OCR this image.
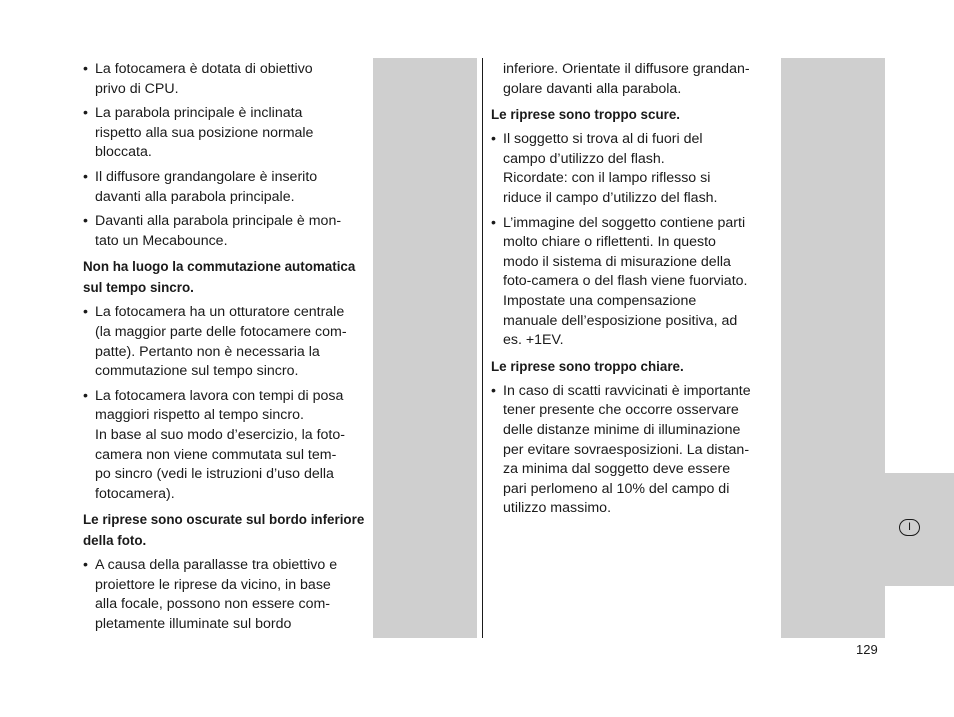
I
129
• La fotocamera è dotata di obiettivo
privo di CPU.
• La parabola principale è inclinata
rispetto alla sua posizione normale
bloccata.
• Il diffusore grandangolare è inserito
davanti alla parabola principale.
• Davanti alla parabola principale è mon-
tato un Mecabounce.
Non ha luogo la commutazione automatica
sul tempo sincro.
• La fotocamera ha un otturatore centrale
(la maggior parte delle fotocamere com-
patte). Pertanto non è necessaria la
commutazione sul tempo sincro.
• La fotocamera lavora con tempi di posa
maggiori rispetto al tempo sincro.
In base al suo modo d’esercizio, la foto-
camera non viene commutata sul tem-
po sincro (vedi le istruzioni d’uso della
fotocamera).
Le riprese sono oscurate sul bordo inferiore
della foto.
• A causa della parallasse tra obiettivo e
proiettore le riprese da vicino, in base
alla focale, possono non essere com-
pletamente illuminate sul bordo
inferiore. Orientate il diffusore grandan-
golare davanti alla parabola.
Le riprese sono troppo scure.
• Il soggetto si trova al di fuori del
campo d’utilizzo del flash.
Ricordate: con il lampo riflesso si
riduce il campo d’utilizzo del flash.
• L’immagine del soggetto contiene parti
molto chiare o riflettenti. In questo
modo il sistema di misurazione della
foto-camera o del flash viene fuorviato.
Impostate una compensazione
manuale dell’esposizione positiva, ad
es. +1EV.
Le riprese sono troppo chiare.
• In caso di scatti ravvicinati è importante
tener presente che occorre osservare
delle distanze minime di illuminazione
per evitare sovraesposizioni. La distan-
za minima dal soggetto deve essere
pari perlomeno al 10% del campo di
utilizzo massimo.
